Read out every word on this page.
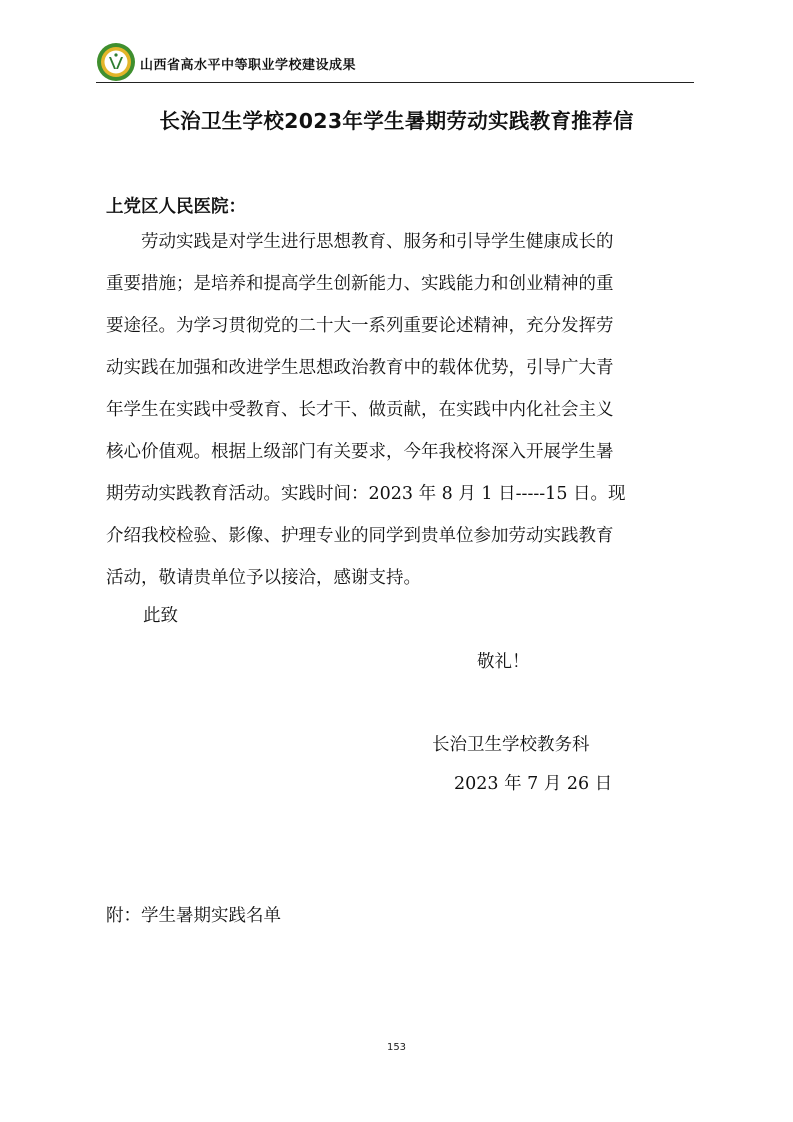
山西省高水平中等职业学校建设成果
长治卫生学校2023年学生暑期劳动实践教育推荐信
上党区人民医院：
　　劳动实践是对学生进行思想教育、服务和引导学生健康成长的
重要措施；是培养和提高学生创新能力、实践能力和创业精神的重
要途径。为学习贯彻党的二十大一系列重要论述精神，充分发挥劳
动实践在加强和改进学生思想政治教育中的载体优势，引导广大青
年学生在实践中受教育、长才干、做贡献，在实践中内化社会主义
核心价值观。根据上级部门有关要求，今年我校将深入开展学生暑
期劳动实践教育活动。实践时间：2023 年 8 月 1 日-----15 日。现
介绍我校检验、影像、护理专业的同学到贵单位参加劳动实践教育
活动，敬请贵单位予以接洽，感谢支持。
此致
敬礼！
长治卫生学校教务科
2023 年 7 月 26 日
附：学生暑期实践名单
153
